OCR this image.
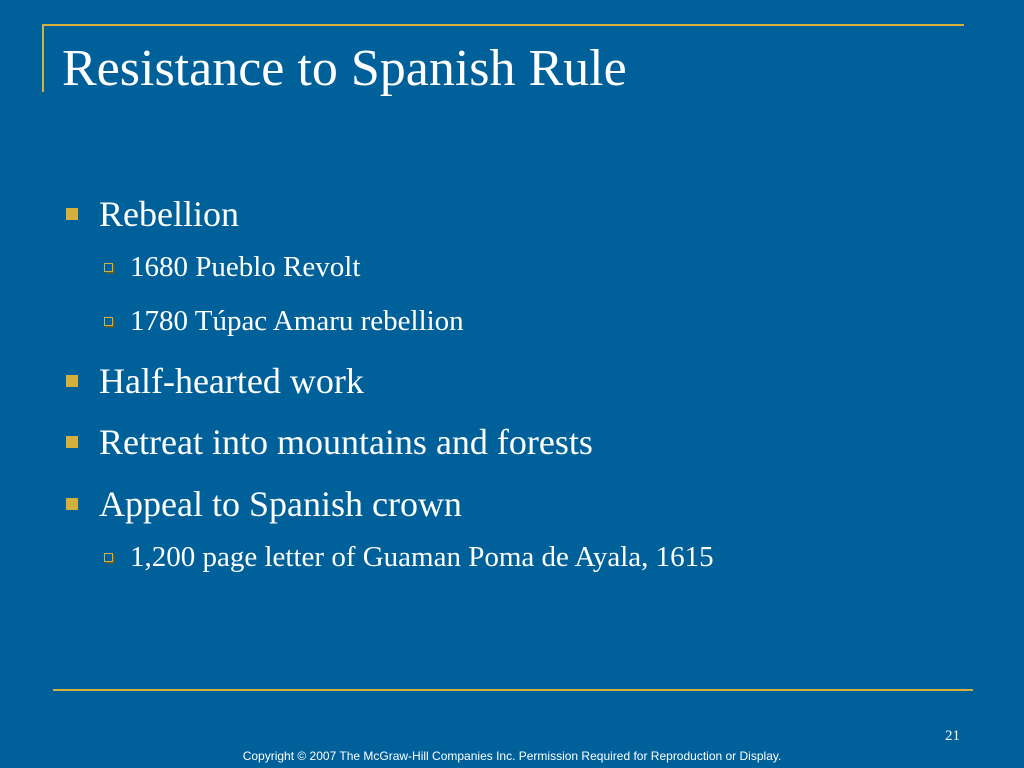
Resistance to Spanish Rule
Rebellion
1680 Pueblo Revolt
1780 Túpac Amaru rebellion
Half-hearted work
Retreat into mountains and forests
Appeal to Spanish crown
1,200 page letter of Guaman Poma de Ayala, 1615
21
Copyright © 2007 The McGraw-Hill Companies Inc. Permission Required for Reproduction or Display.
